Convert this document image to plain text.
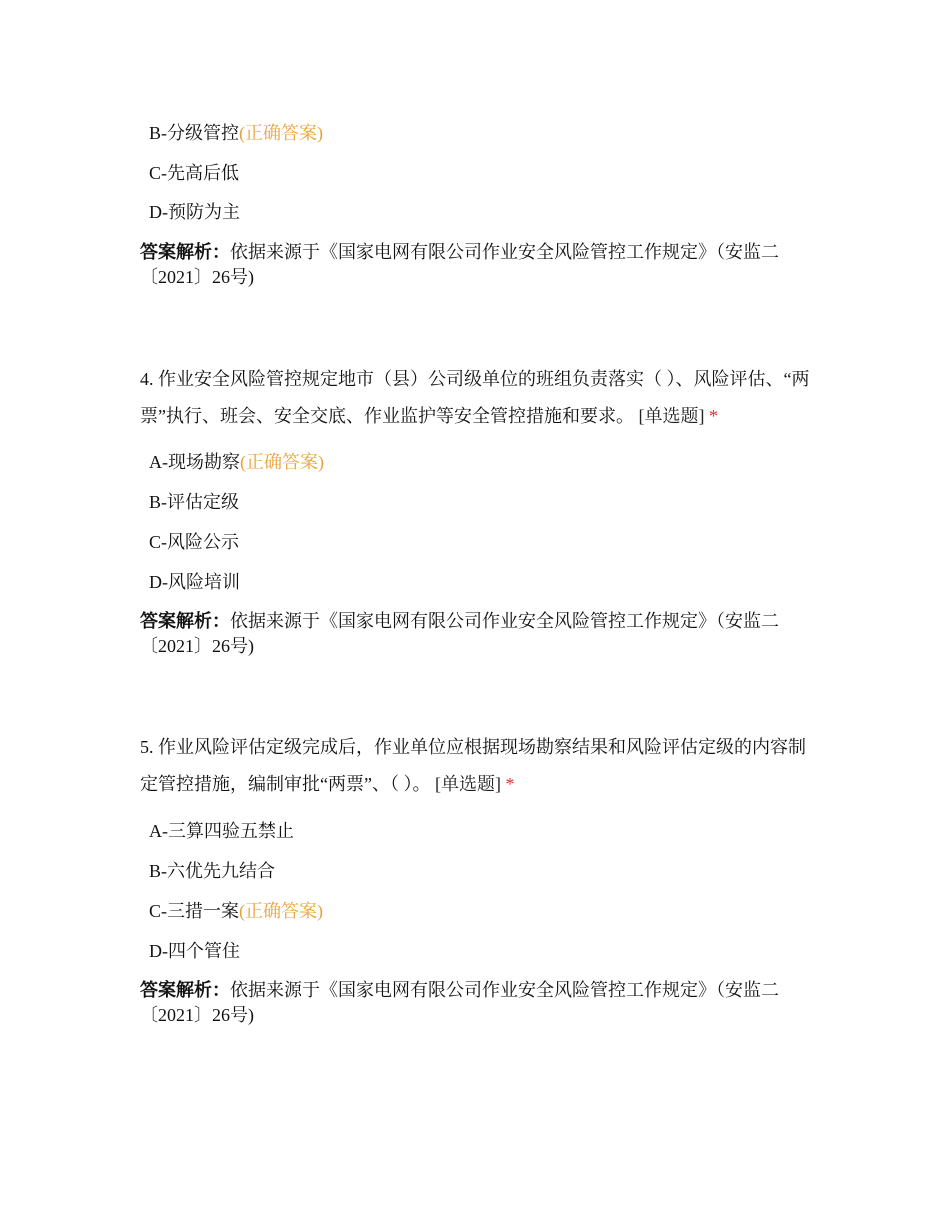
B-分级管控(正确答案)
C-先高后低
D-预防为主
答案解析：依据来源于《国家电网有限公司作业安全风险管控工作规定》（安监二〔2021〕26号)
4. 作业安全风险管控规定地市（县）公司级单位的班组负责落实（ ）、风险评估、“两票”执行、班会、安全交底、作业监护等安全管控措施和要求。 [单选题] *
A-现场勘察(正确答案)
B-评估定级
C-风险公示
D-风险培训
答案解析：依据来源于《国家电网有限公司作业安全风险管控工作规定》（安监二〔2021〕26号)
5. 作业风险评估定级完成后，作业单位应根据现场勘察结果和风险评估定级的内容制定管控措施，编制审批“两票”、（ ）。 [单选题] *
A-三算四验五禁止
B-六优先九结合
C-三措一案(正确答案)
D-四个管住
答案解析：依据来源于《国家电网有限公司作业安全风险管控工作规定》（安监二〔2021〕26号)
